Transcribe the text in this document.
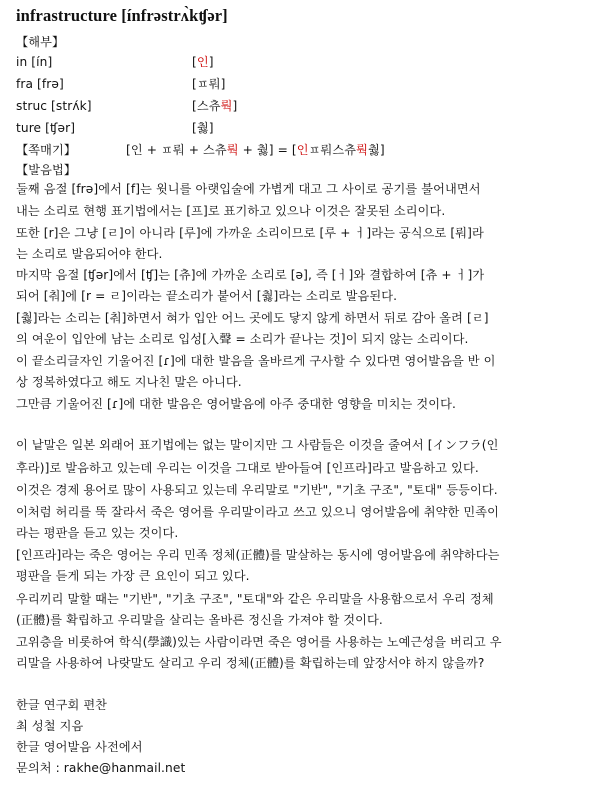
infrastructure [ínfrəstrʌ̀kʧər]
【해부】
in [ín]	[인]
fra [frə]	[ㅍ뤄]
struc [strʌ́k]	[스츄뤅]
ture [ʧər]	[춿]
【쪽매기】	[인 + ㅍ뤄 + 스츄뤅 + 춿] = [인ㅍ뤄스츄뤅춿]
【발음법】
둘째 음절 [frə]에서 [f]는 윗니를 아랫입술에 가볍게 대고 그 사이로 공기를 불어내면서
내는 소리로 현행 표기법에서는 [프]로 표기하고 있으나 이것은 잘못된 소리이다.
또한 [r]은 그냥 [ㄹ]이 아니라 [루]에 가까운 소리이므로 [루 + ㅓ]라는 공식으로 [뤄]라
는 소리로 발음되어야 한다.
마지막 음절 [ʧər]에서 [ʧ]는 [츄]에 가까운 소리로 [ə], 즉 [ㅓ]와 결합하여 [츄 + ㅓ]가
되어 [춰]에 [r = ㄹ]이라는 끝소리가 붙어서 [춿]라는 소리로 발음된다.
[춿]라는 소리는 [춰]하면서 혀가 입안 어느 곳에도 닿지 않게 하면서 뒤로 감아 올려 [ㄹ]
의 여운이 입안에 남는 소리로 입성[入聲 = 소리가 끝나는 것]이 되지 않는 소리이다.
이 끝소리글자인 기울어진 [ɾ]에 대한 발음을 올바르게 구사할 수 있다면 영어발음을 반 이
상 정복하였다고 해도 지나친 말은 아니다.
그만큼 기울어진 [ɾ]에 대한 발음은 영어발음에 아주 중대한 영향을 미치는 것이다.
이 낱말은 일본 외래어 표기법에는 없는 말이지만 그 사람들은 이것을 줄여서 [インフラ(인
후라)]로 발음하고 있는데 우리는 이것을 그대로 받아들여 [인프라]라고 발음하고 있다.
이것은 경제 용어로 많이 사용되고 있는데 우리말로 "기반", "기초 구조", "토대" 등등이다.
이처럼 허리를 뚝 잘라서 죽은 영어를 우리말이라고 쓰고 있으니 영어발음에 취약한 민족이
라는 평판을 듣고 있는 것이다.
[인프라]라는 죽은 영어는 우리 민족 정체(正體)를 말살하는 동시에 영어발음에 취약하다는
평판을 듣게 되는 가장 큰 요인이 되고 있다.
우리끼리 말할 때는 "기반", "기초 구조", "토대"와 같은 우리말을 사용함으로서 우리 정체
(正體)를 확립하고 우리말을 살리는 올바른 정신을 가져야 할 것이다.
고위층을 비롯하여 학식(學識)있는 사람이라면 죽은 영어를 사용하는 노예근성을 버리고 우
리말을 사용하여 나랏말도 살리고 우리 정체(正體)를 확립하는데 앞장서야 하지 않을까?
한글 연구회 편찬
최 성철 지음
한글 영어발음 사전에서
문의처 : rakhe@hanmail.net
